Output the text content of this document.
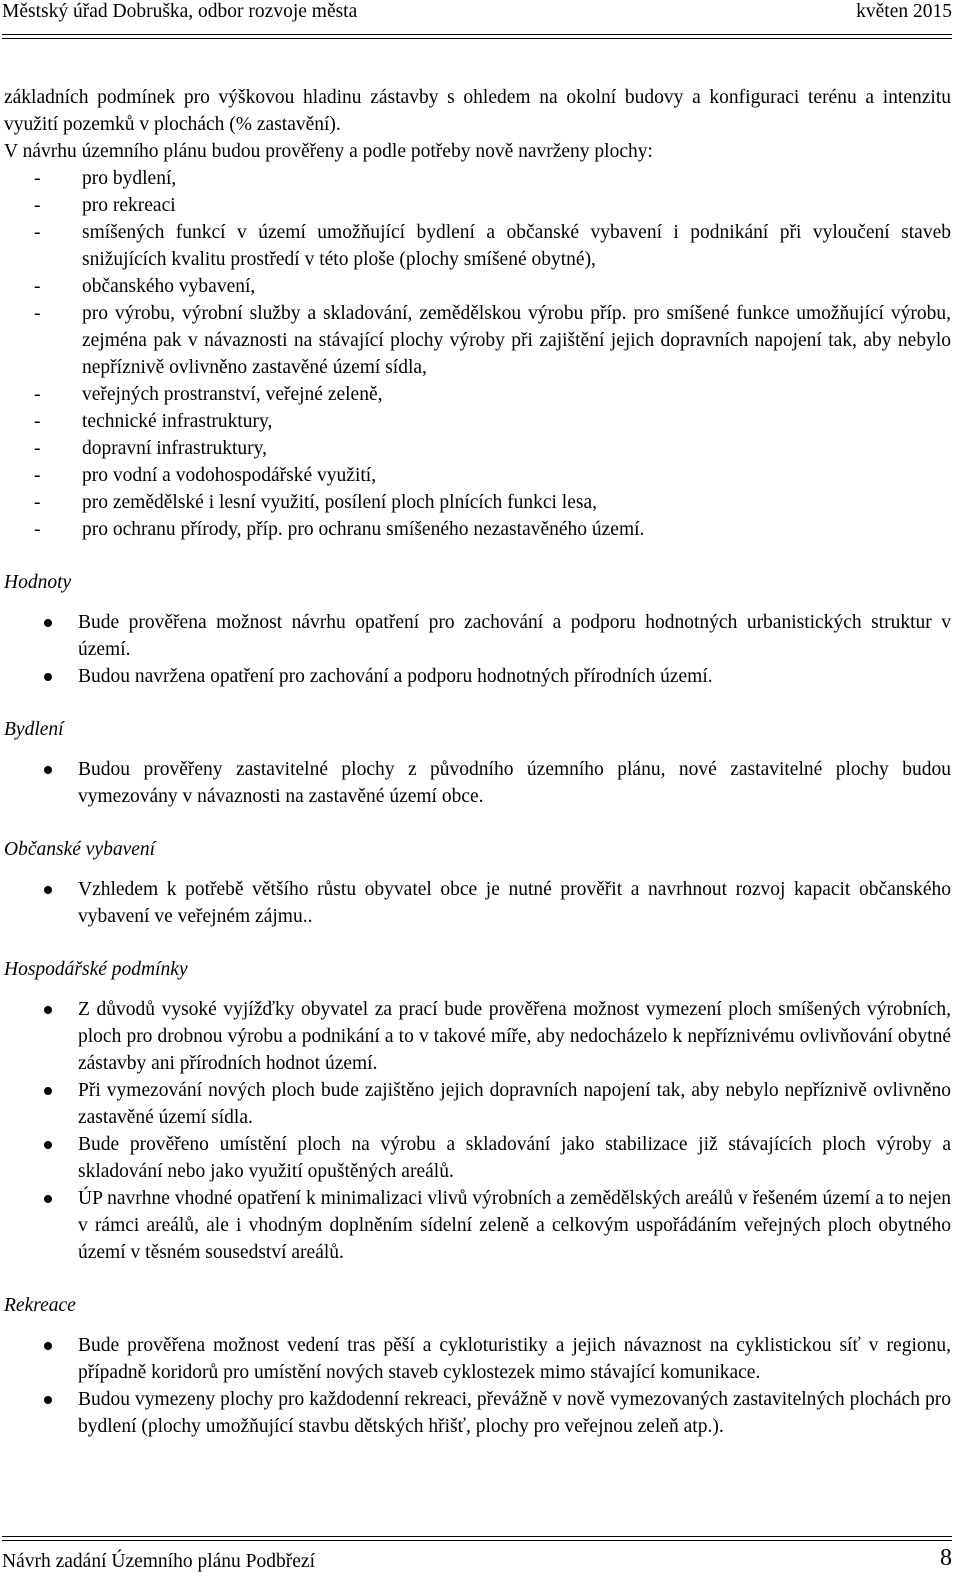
Městský úřad Dobruška, odbor rozvoje města	květen 2015

základních podmínek pro výškovou hladinu zástavby s ohledem na okolní budovy a konfiguraci terénu a intenzitu využití pozemků v plochách (% zastavění).

V návrhu územního plánu budou prověřeny a podle potřeby nově navrženy plochy:

- pro bydlení,
- pro rekreaci
- smíšených funkcí v území umožňující bydlení a občanské vybavení i podnikání při vyloučení staveb snižujících kvalitu prostředí v této ploše (plochy smíšené obytné),
- občanského vybavení,
- pro výrobu, výrobní služby a skladování, zemědělskou výrobu příp. pro smíšené funkce umožňující výrobu, zejména pak v návaznosti na stávající plochy výroby při zajištění jejich dopravních napojení tak, aby nebylo nepříznivě ovlivněno zastavěné území sídla,
- veřejných prostranství, veřejné zeleně,
- technické infrastruktury,
- dopravní infrastruktury,
- pro vodní a vodohospodářské využití,
- pro zemědělské i lesní využití, posílení ploch plnících funkci lesa,
- pro ochranu přírody, příp. pro ochranu smíšeného nezastavěného území.
Hodnoty
Bude prověřena možnost návrhu opatření pro zachování a podporu hodnotných urbanistických struktur v území.
Budou navržena opatření pro zachování a podporu hodnotných přírodních území.
Bydlení
Budou prověřeny zastavitelné plochy z původního územního plánu, nové zastavitelné plochy budou vymezovány v návaznosti na zastavěné území obce.
Občanské vybavení
Vzhledem k potřebě většího růstu obyvatel obce je nutné prověřit a navrhnout rozvoj kapacit občanského vybavení ve veřejném zájmu..
Hospodářské podmínky
Z důvodů vysoké vyjížďky obyvatel za prací bude prověřena možnost vymezení ploch smíšených výrobních, ploch pro drobnou výrobu a podnikání a to v takové míře, aby nedocházelo k nepříznivému ovlivňování obytné zástavby ani přírodních hodnot území.
Při vymezování nových ploch bude zajištěno jejich dopravních napojení tak, aby nebylo nepříznivě ovlivněno zastavěné území sídla.
Bude prověřeno umístění ploch na výrobu a skladování jako stabilizace již stávajících ploch výroby a skladování nebo jako využití opuštěných areálů.
ÚP navrhne vhodné opatření k minimalizaci vlivů výrobních a zemědělských areálů v řešeném území a to nejen v rámci areálů, ale i vhodným doplněním sídelní zeleně a celkovým uspořádáním veřejných ploch obytného území v těsném sousedství areálů.
Rekreace
Bude prověřena možnost vedení tras pěší a cykloturistiky a jejich návaznost na cyklistickou síť v regionu, případně koridorů pro umístění nových staveb cyklostezek mimo stávající komunikace.
Budou vymezeny plochy pro každodenní rekreaci, převážně v nově vymezovaných zastavitelných plochách pro bydlení (plochy umožňující stavbu dětských hřišť, plochy pro veřejnou zeleň atp.).
Návrh zadání Územního plánu Podbřezí	8
